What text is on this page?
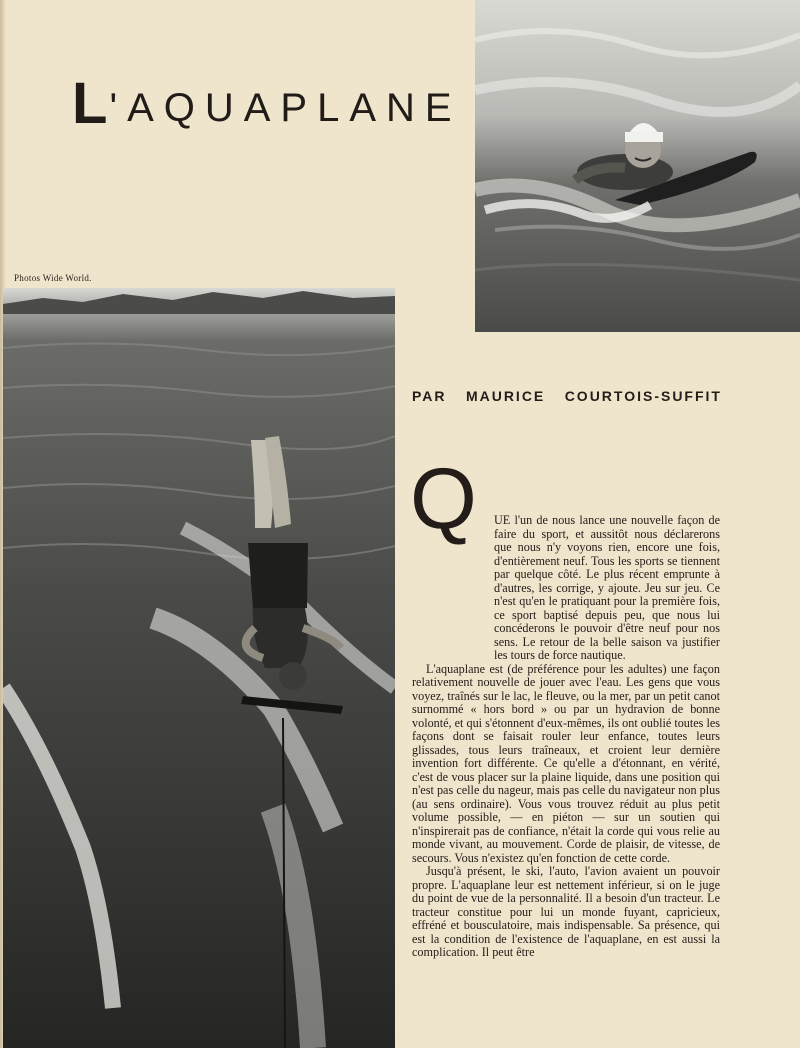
L'AQUAPLANE
Photos Wide World.
PAR MAURICE COURTOIS-SUFFIT
Q	UE l'un de nous lance une nouvelle façon de faire du sport, et aussitôt nous déclarerons que nous n'y voyons rien, encore une fois, d'entièrement neuf. Tous les sports se tiennent par quelque côté. Le plus récent emprunte à d'autres, les corrige, y ajoute. Jeu sur jeu. Ce n'est qu'en le pratiquant pour la première fois, ce sport baptisé depuis peu, que nous lui concéderons le pouvoir d'être neuf pour nos sens. Le retour de la belle saison va justifier les tours de force nautique.

L'aquaplane est (de préférence pour les adultes) une façon relativement nouvelle de jouer avec l'eau. Les gens que vous voyez, traînés sur le lac, le fleuve, ou la mer, par un petit canot surnommé « hors bord » ou par un hydravion de bonne volonté, et qui s'étonnent d'eux-mêmes, ils ont oublié toutes les façons dont se faisait rouler leur enfance, toutes leurs glissades, tous leurs traîneaux, et croient leur dernière invention fort différente. Ce qu'elle a d'étonnant, en vérité, c'est de vous placer sur la plaine liquide, dans une position qui n'est pas celle du nageur, mais pas celle du navigateur non plus (au sens ordinaire). Vous vous trouvez réduit au plus petit volume possible, — en piéton — sur un soutien qui n'inspirerait pas de confiance, n'était la corde qui vous relie au monde vivant, au mouvement. Corde de plaisir, de vitesse, de secours. Vous n'existez qu'en fonction de cette corde.

Jusqu'à présent, le ski, l'auto, l'avion avaient un pouvoir propre. L'aquaplane leur est nettement inférieur, si on le juge du point de vue de la personnalité. Il a besoin d'un tracteur. Le tracteur constitue pour lui un monde fuyant, capricieux, effréné et bousculatoire, mais indispensable. Sa présence, qui est la condition de l'existence de l'aquaplane, en est aussi la complication. Il peut être
